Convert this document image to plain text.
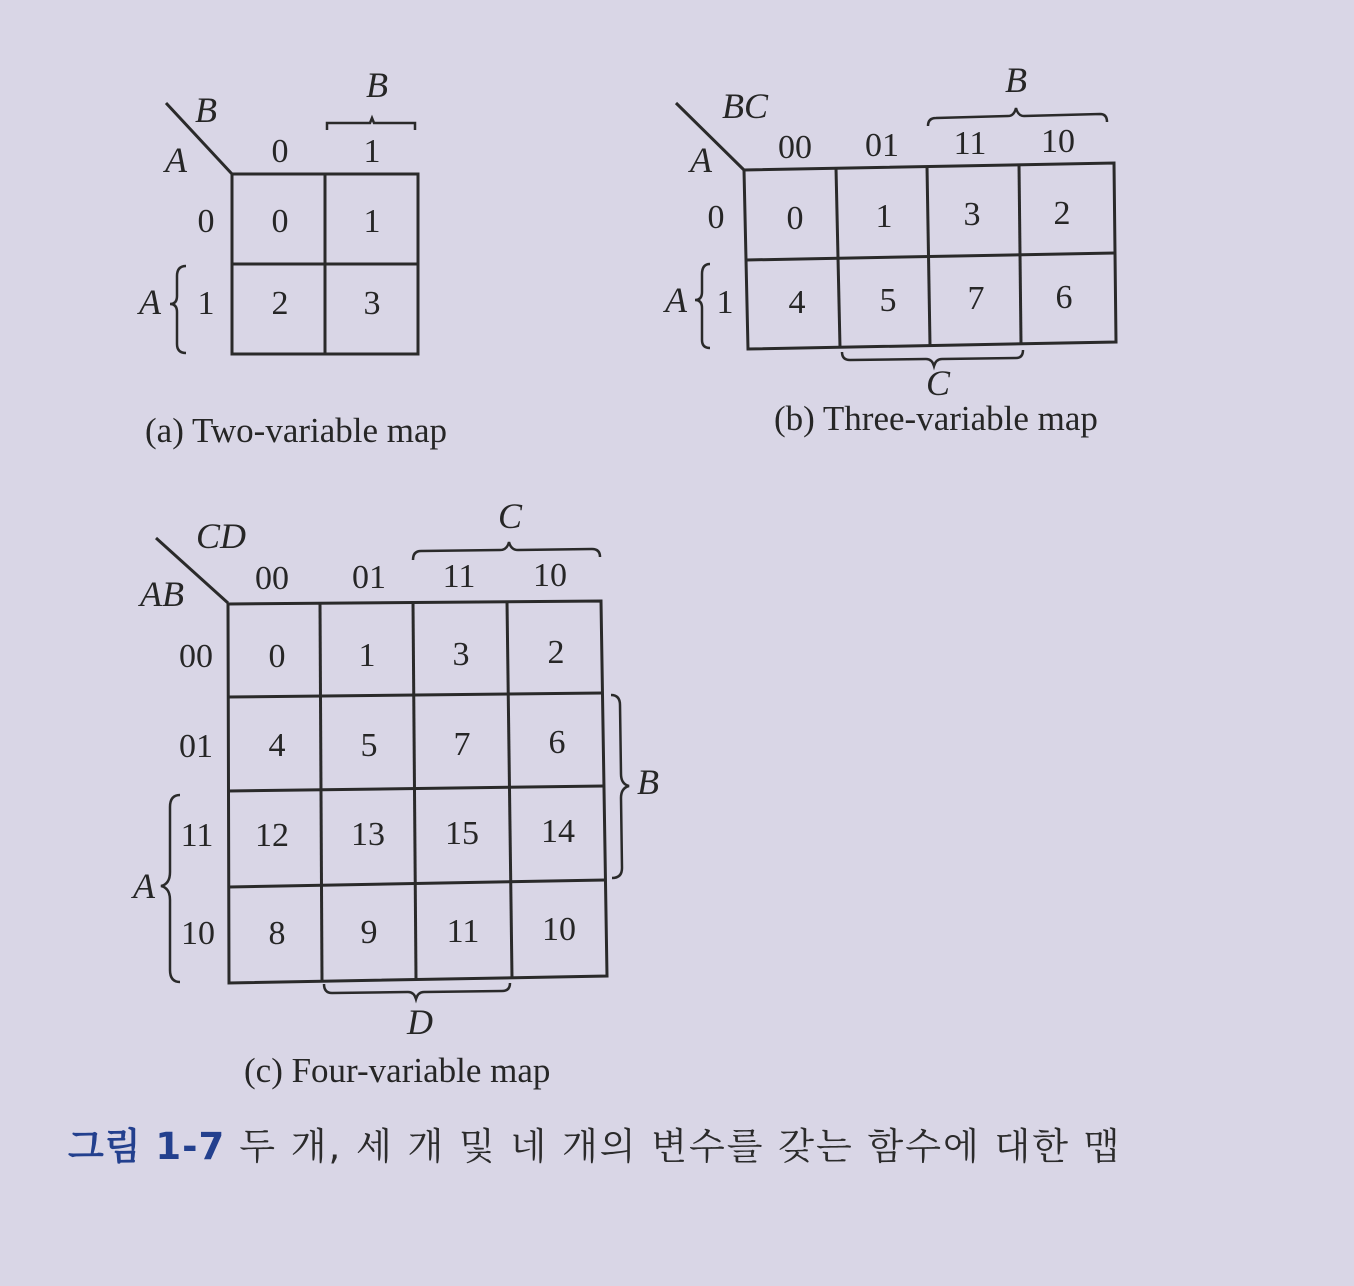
B
A 0 1
B
0
1
A
0 1
2 3
(a) Two-variable map
BC
A 00 01 11 10
B
0
1
A
0 1 3 2
4 5 7 6
C
(b) Three-variable map
CD
AB 00 01 11 10
C
00
01
11
10
A
0 1 3 2
4 5 7 6
12 13 15 14
8 9 11 10
B
D
(c) Four-variable map
그림 1-7 두 개, 세 개 및 네 개의 변수를 갖는 함수에 대한 맵
